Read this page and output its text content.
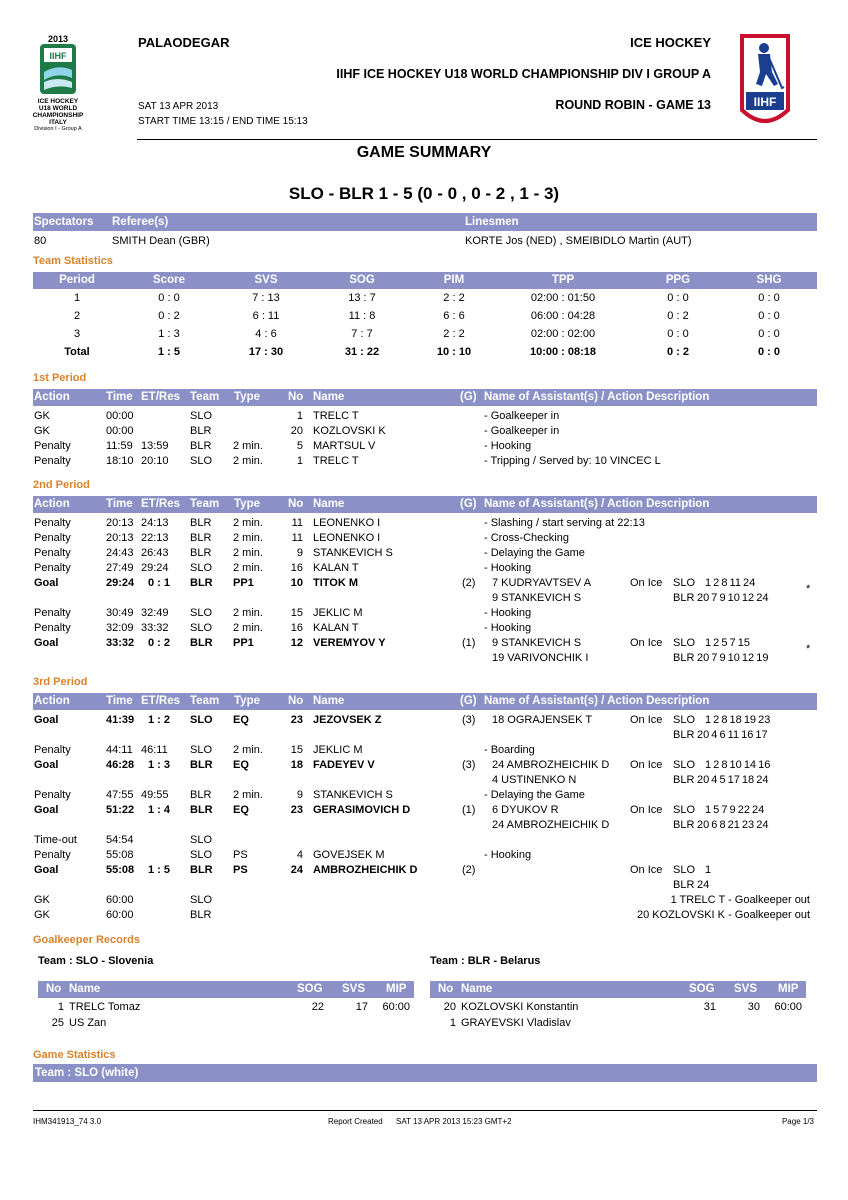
2013
IIHF
ICE HOCKEY
U18 WORLD
CHAMPIONSHIP
ITALY
Division I - Group A
PALAODEGAR	ICE HOCKEY
IIHF ICE HOCKEY U18 WORLD CHAMPIONSHIP DIV I GROUP A
SAT 13 APR 2013	ROUND ROBIN - GAME 13
START TIME 13:15 / END TIME 15:13
IIHF
GAME SUMMARY
SLO - BLR 1 - 5 (0 - 0 , 0 - 2 , 1 - 3)
Spectators Referee(s)	Linesmen
80	SMITH Dean (GBR)	KORTE Jos (NED) , SMEIBIDLO Martin (AUT)
Team Statistics
Period	Score	SVS	SOG	PIM	TPP	PPG	SHG
1	0 : 0	7 : 13	13 : 7	2 : 2	02:00 : 01:50	0 : 0	0 : 0
2	0 : 2	6 : 11	11 : 8	6 : 6	06:00 : 04:28	0 : 2	0 : 0
3	1 : 3	4 : 6	7 : 7	2 : 2	02:00 : 02:00	0 : 0	0 : 0
Total	1 : 5	17 : 30	31 : 22	10 : 10	10:00 : 08:18	0 : 2	0 : 0
1st Period
Action	Time ET/Res Team Type No Name	(G) Name of Assistant(s) / Action Description
GK	00:00	SLO	1 TRELC T	- Goalkeeper in
GK	00:00	BLR	20 KOZLOVSKI K	- Goalkeeper in
Penalty	11:59 13:59 BLR 2 min.	5 MARTSUL V	- Hooking
Penalty	18:10 20:10 SLO 2 min.	1 TRELC T	- Tripping / Served by: 10 VINCEC L
2nd Period
Action	Time ET/Res Team Type No Name	(G) Name of Assistant(s) / Action Description
Penalty	20:13 24:13 BLR 2 min.	11 LEONENKO I	- Slashing / start serving at 22:13
Penalty	20:13 22:13 BLR 2 min.	11 LEONENKO I	- Cross-Checking
Penalty	24:43 26:43 BLR 2 min.	9 STANKEVICH S	- Delaying the Game
Penalty	27:49 29:24 SLO 2 min.	16 KALAN T	- Hooking
Goal	29:24 0 : 1 BLR PP1	10 TITOK M	(2) 7 KUDRYAVTSEV A
9 STANKEVICH S
On Ice SLO 1 2 8 11 24
BLR 20 7 9 10 12 24
*
Penalty	30:49 32:49 SLO 2 min.	15 JEKLIC M	- Hooking
Penalty	32:09 33:32 SLO 2 min.	16 KALAN T	- Hooking
Goal	33:32 0 : 2 BLR PP1	12 VEREMYOV Y	(1) 9 STANKEVICH S
19 VARIVONCHIK I
On Ice SLO 1 2 5 7 15
BLR 20 7 9 10 12 19
*
3rd Period
Action	Time ET/Res Team Type No Name	(G) Name of Assistant(s) / Action Description
Goal	41:39 1 : 2 SLO EQ	23 JEZOVSEK Z	(3) 18 OGRAJENSEK T	On Ice SLO 1 2 8 18 19 23
BLR 20 4 6 11 16 17
Penalty	44:11 46:11 SLO 2 min.	15 JEKLIC M	- Boarding
Goal	46:28 1 : 3 BLR EQ	18 FADEYEV V	(3) 24 AMBROZHEICHIK D
4 USTINENKO N
On Ice SLO 1 2 8 10 14 16
BLR 20 4 5 17 18 24
Penalty	47:55 49:55 BLR 2 min.	9 STANKEVICH S	- Delaying the Game
Goal	51:22 1 : 4 BLR EQ	23 GERASIMOVICH D	(1) 6 DYUKOV R
24 AMBROZHEICHIK D
On Ice SLO 1 5 7 9 22 24
BLR 20 6 8 21 23 24
Time-out	54:54	SLO
Penalty	55:08	SLO PS	4 GOVEJSEK M	- Hooking
Goal	55:08 1 : 5 BLR PS	24 AMBROZHEICHIK D	(2)	On Ice SLO 1
BLR 24
GK	60:00	SLO	1 TRELC T - Goalkeeper out
GK	60:00	BLR	20 KOZLOVSKI K - Goalkeeper out
Goalkeeper Records
Team : SLO - Slovenia	Team : BLR - Belarus
No Name	SOG SVS MIP
1 TRELC Tomaz	22	17	60:00
25 US Zan
No Name	SOG SVS MIP
20 KOZLOVSKI Konstantin	31	30	60:00
1 GRAYEVSKI Vladislav
Game Statistics
Team : SLO (white)
IHM341913_74 3.0	Report Created SAT 13 APR 2013 15:23 GMT+2	Page 1/3
